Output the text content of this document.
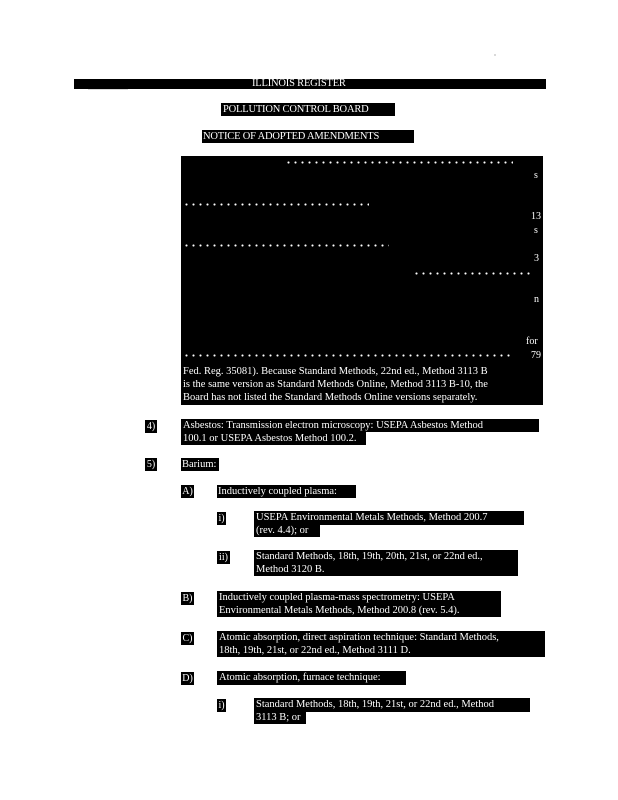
ILLINOIS REGISTER
POLLUTION CONTROL BOARD
NOTICE OF ADOPTED AMENDMENTS
s
13
s
3
n
for
79
Fed. Reg. 35081). Because Standard Methods, 22nd ed., Method 3113 B
is the same version as Standard Methods Online, Method 3113 B-10, the
Board has not listed the Standard Methods Online versions separately.
4)	Asbestos: Transmission electron microscopy: USEPA Asbestos Method
100.1 or USEPA Asbestos Method 100.2.
5)	Barium:
A) Inductively coupled plasma:
i)	USEPA Environmental Metals Methods, Method 200.7
(rev. 4.4); or
ii)	Standard Methods, 18th, 19th, 20th, 21st, or 22nd ed.,
Method 3120 B.
B)	Inductively coupled plasma-mass spectrometry: USEPA
Environmental Metals Methods, Method 200.8 (rev. 5.4).
C)	Atomic absorption, direct aspiration technique: Standard Methods,
18th, 19th, 21st, or 22nd ed., Method 3111 D.
D) Atomic absorption, furnace technique:
i)	Standard Methods, 18th, 19th, 21st, or 22nd ed., Method
3113 B; or
